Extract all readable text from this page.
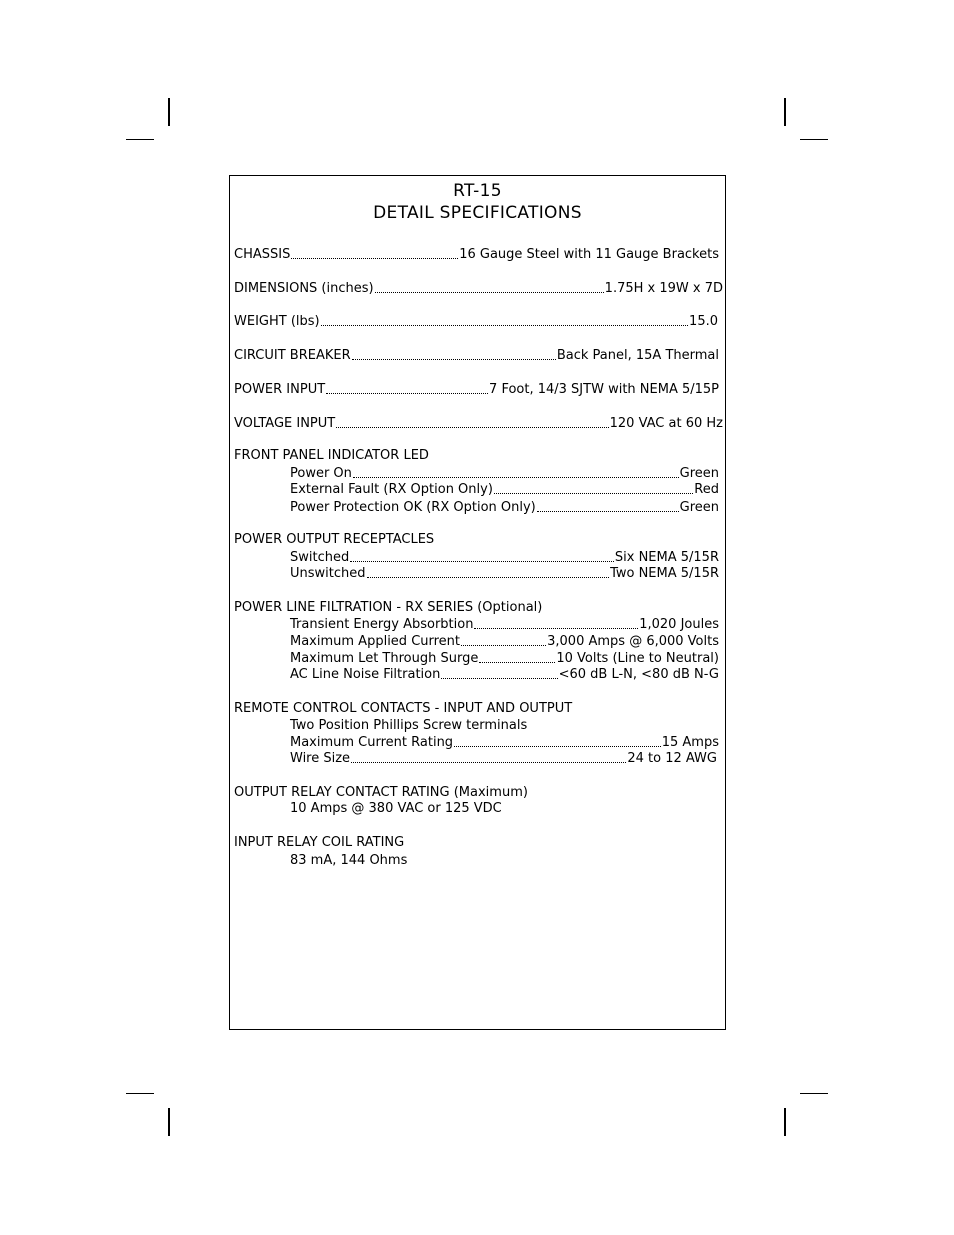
RT-15
DETAIL SPECIFICATIONS
CHASSIS	16 Gauge Steel with 11 Gauge Brackets
DIMENSIONS (inches)	1.75H x 19W x 7D
WEIGHT (lbs)	15.0
CIRCUIT BREAKER	Back Panel, 15A Thermal
POWER INPUT	7 Foot, 14/3 SJTW with NEMA 5/15P
VOLTAGE INPUT	120 VAC at 60 Hz
FRONT PANEL INDICATOR LED
Power On	Green
External Fault (RX Option Only)	Red
Power Protection OK (RX Option Only)	Green
POWER OUTPUT RECEPTACLES
Switched	Six NEMA 5/15R
Unswitched	Two NEMA 5/15R
POWER LINE FILTRATION - RX SERIES (Optional)
Transient Energy Absorbtion	1,020 Joules
Maximum Applied Current	3,000 Amps @ 6,000 Volts
Maximum Let Through Surge	10 Volts (Line to Neutral)
AC Line Noise Filtration	<60 dB L-N, <80 dB N-G
REMOTE CONTROL CONTACTS - INPUT AND OUTPUT
Two Position Phillips Screw terminals
Maximum Current Rating	15 Amps
Wire Size	24 to 12 AWG
OUTPUT RELAY CONTACT RATING (Maximum)
10 Amps @ 380 VAC or 125 VDC
INPUT RELAY COIL RATING
83 mA, 144 Ohms
